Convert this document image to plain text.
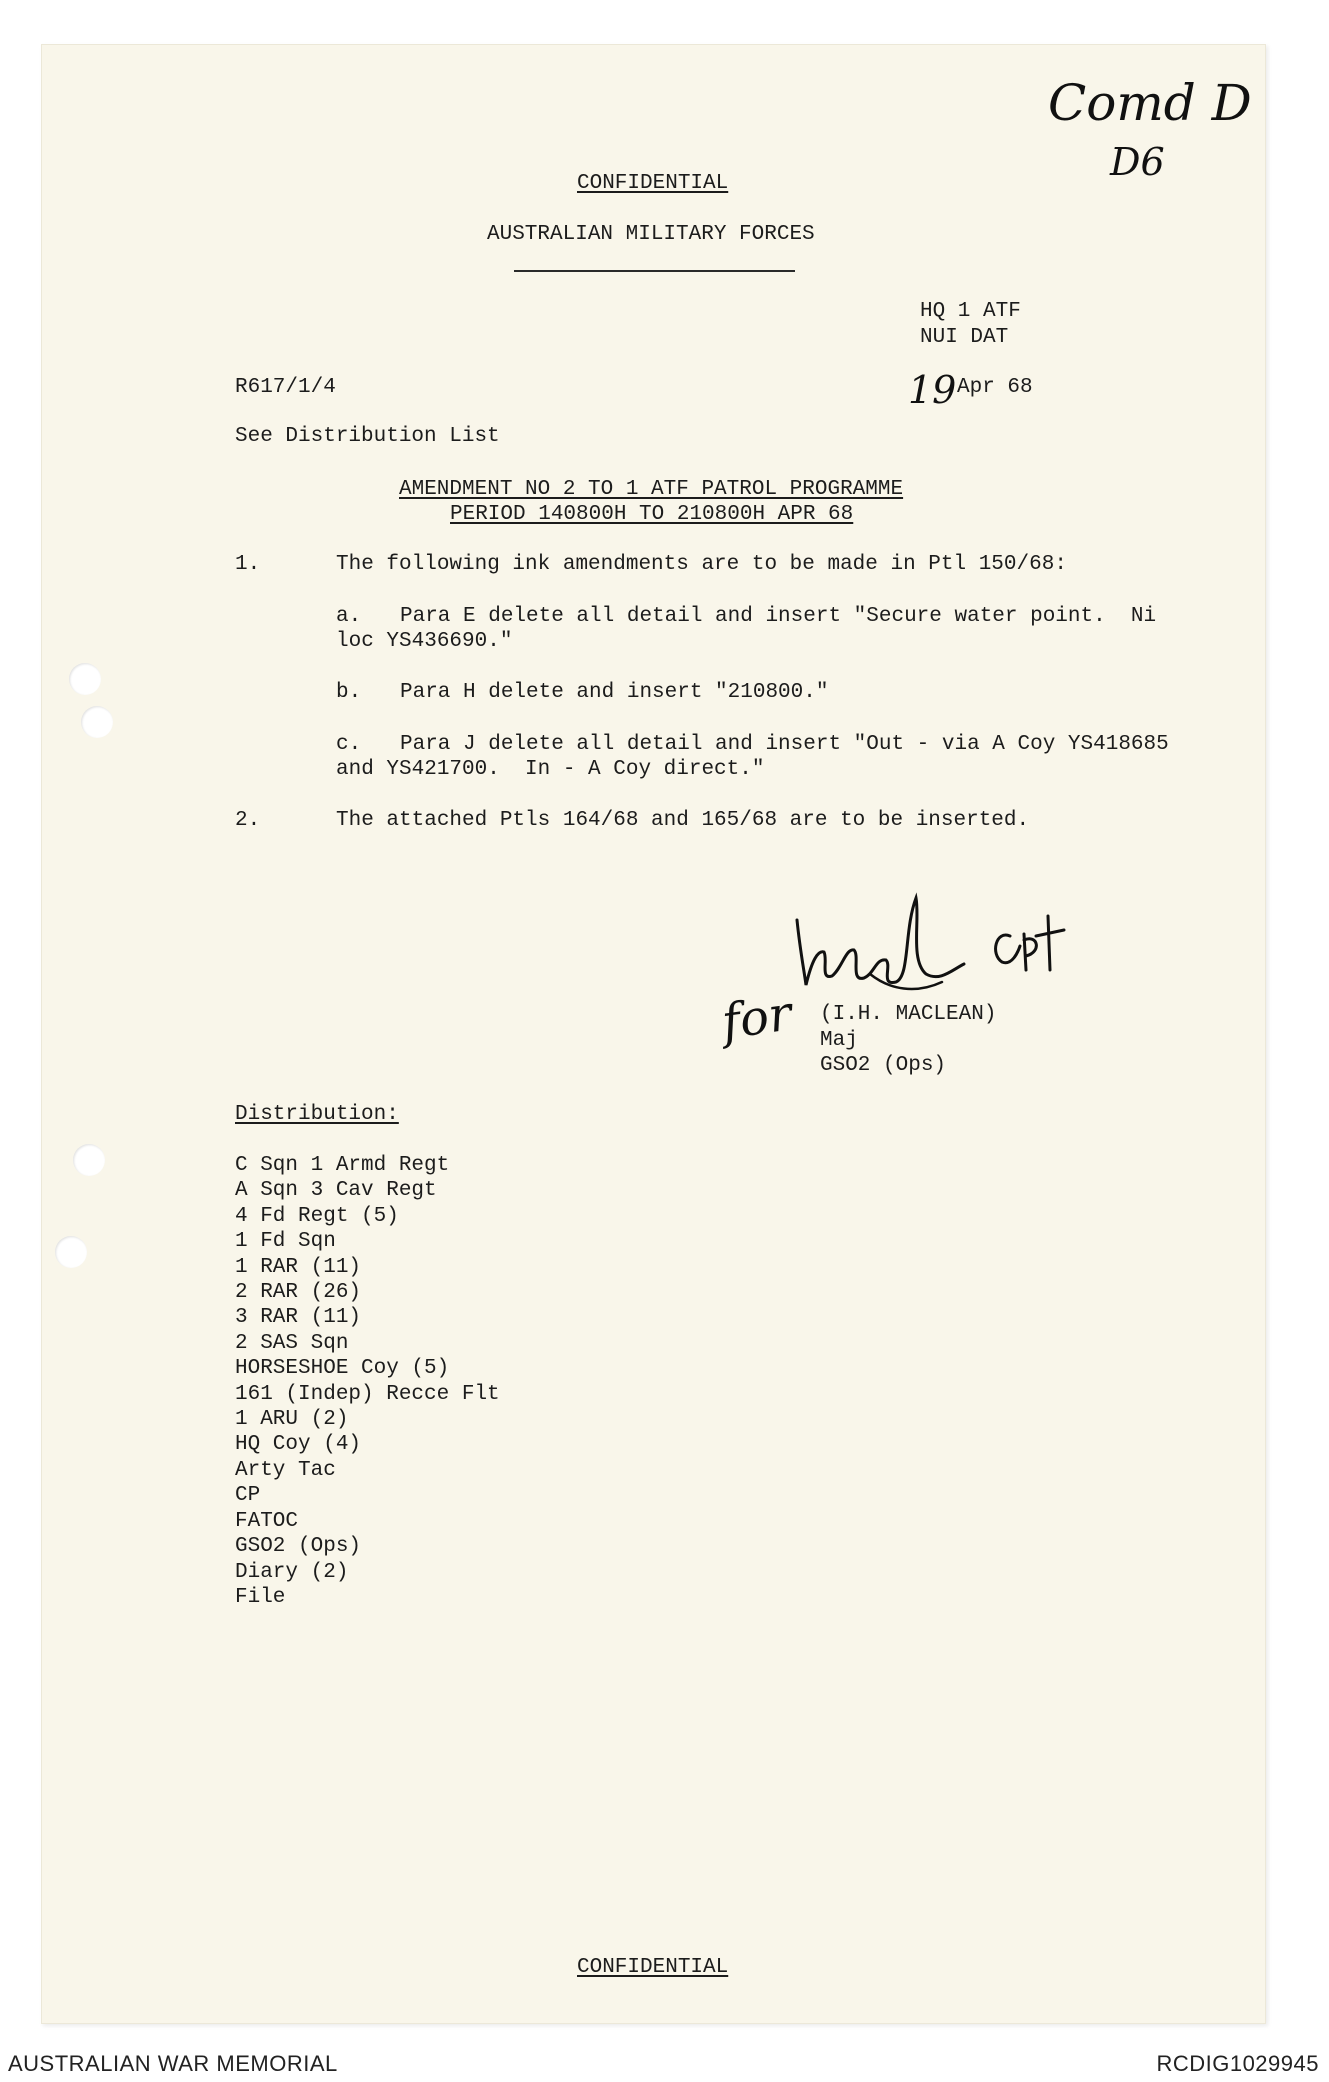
Comd D
D6
CONFIDENTIAL
AUSTRALIAN MILITARY FORCES
HQ 1 ATF
NUI DAT
R617/1/4	19 Apr 68
See Distribution List
AMENDMENT NO 2 TO 1 ATF PATROL PROGRAMME
PERIOD 140800H TO 210800H APR 68
1.	The following ink amendments are to be made in Ptl 150/68:
a. Para E delete all detail and insert "Secure water point.  Ni
loc YS436690."
b. Para H delete and insert "210800."
c. Para J delete all detail and insert "Out - via A Coy YS418685
and YS421700.  In - A Coy direct."
2.	The attached Ptls 164/68 and 165/68 are to be inserted.
for (I.H. MACLEAN)
Maj
GSO2 (Ops)
Distribution:
C Sqn 1 Armd Regt
A Sqn 3 Cav Regt
4 Fd Regt (5)
1 Fd Sqn
1 RAR (11)
2 RAR (26)
3 RAR (11)
2 SAS Sqn
HORSESHOE Coy (5)
161 (Indep) Recce Flt
1 ARU (2)
HQ Coy (4)
Arty Tac
CP
FATOC
GSO2 (Ops)
Diary (2)
File
CONFIDENTIAL
AUSTRALIAN WAR MEMORIAL	RCDIG1029945
